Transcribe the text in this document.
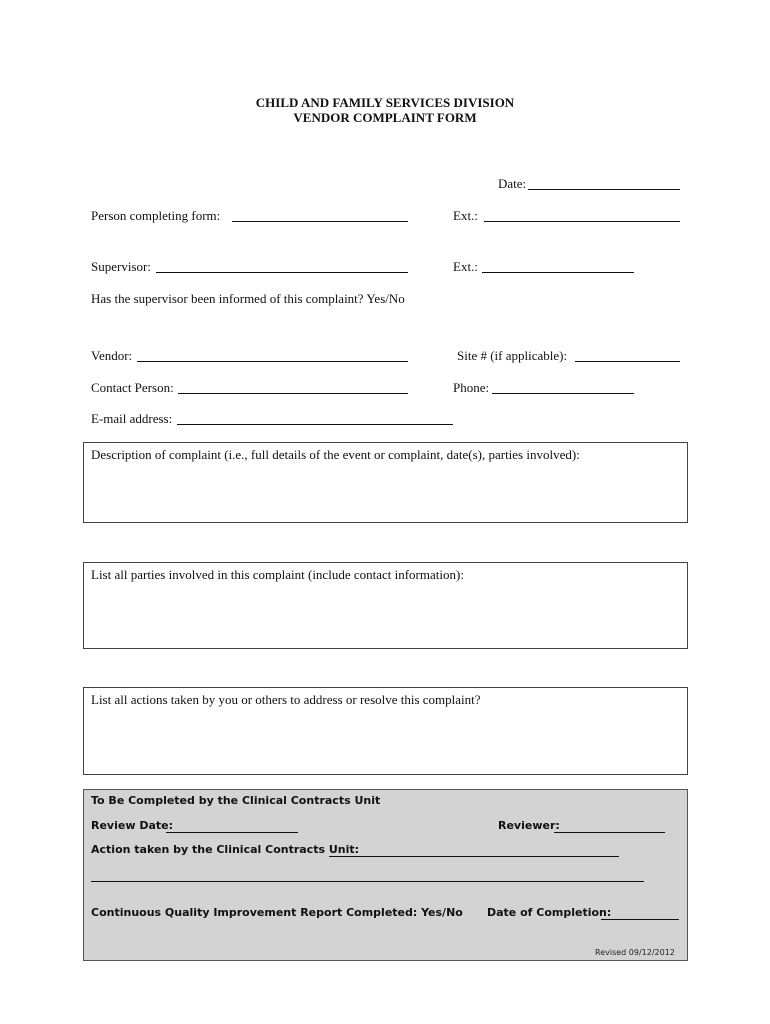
CHILD AND FAMILY SERVICES DIVISION
VENDOR COMPLAINT FORM
Date:
Person completing form:	Ext.:
Supervisor:	Ext.:
Has the supervisor been informed of this complaint? Yes/No
Vendor:	Site # (if applicable):
Contact Person:	Phone:
E-mail address:
Description of complaint (i.e., full details of the event or complaint, date(s), parties involved):
List all parties involved in this complaint (include contact information):
List all actions taken by you or others to address or resolve this complaint?
To Be Completed by the Clinical Contracts Unit
Review Date:	Reviewer:
Action taken by the Clinical Contracts Unit:
Continuous Quality Improvement Report Completed: Yes/No Date of Completion:
Revised 09/12/2012
